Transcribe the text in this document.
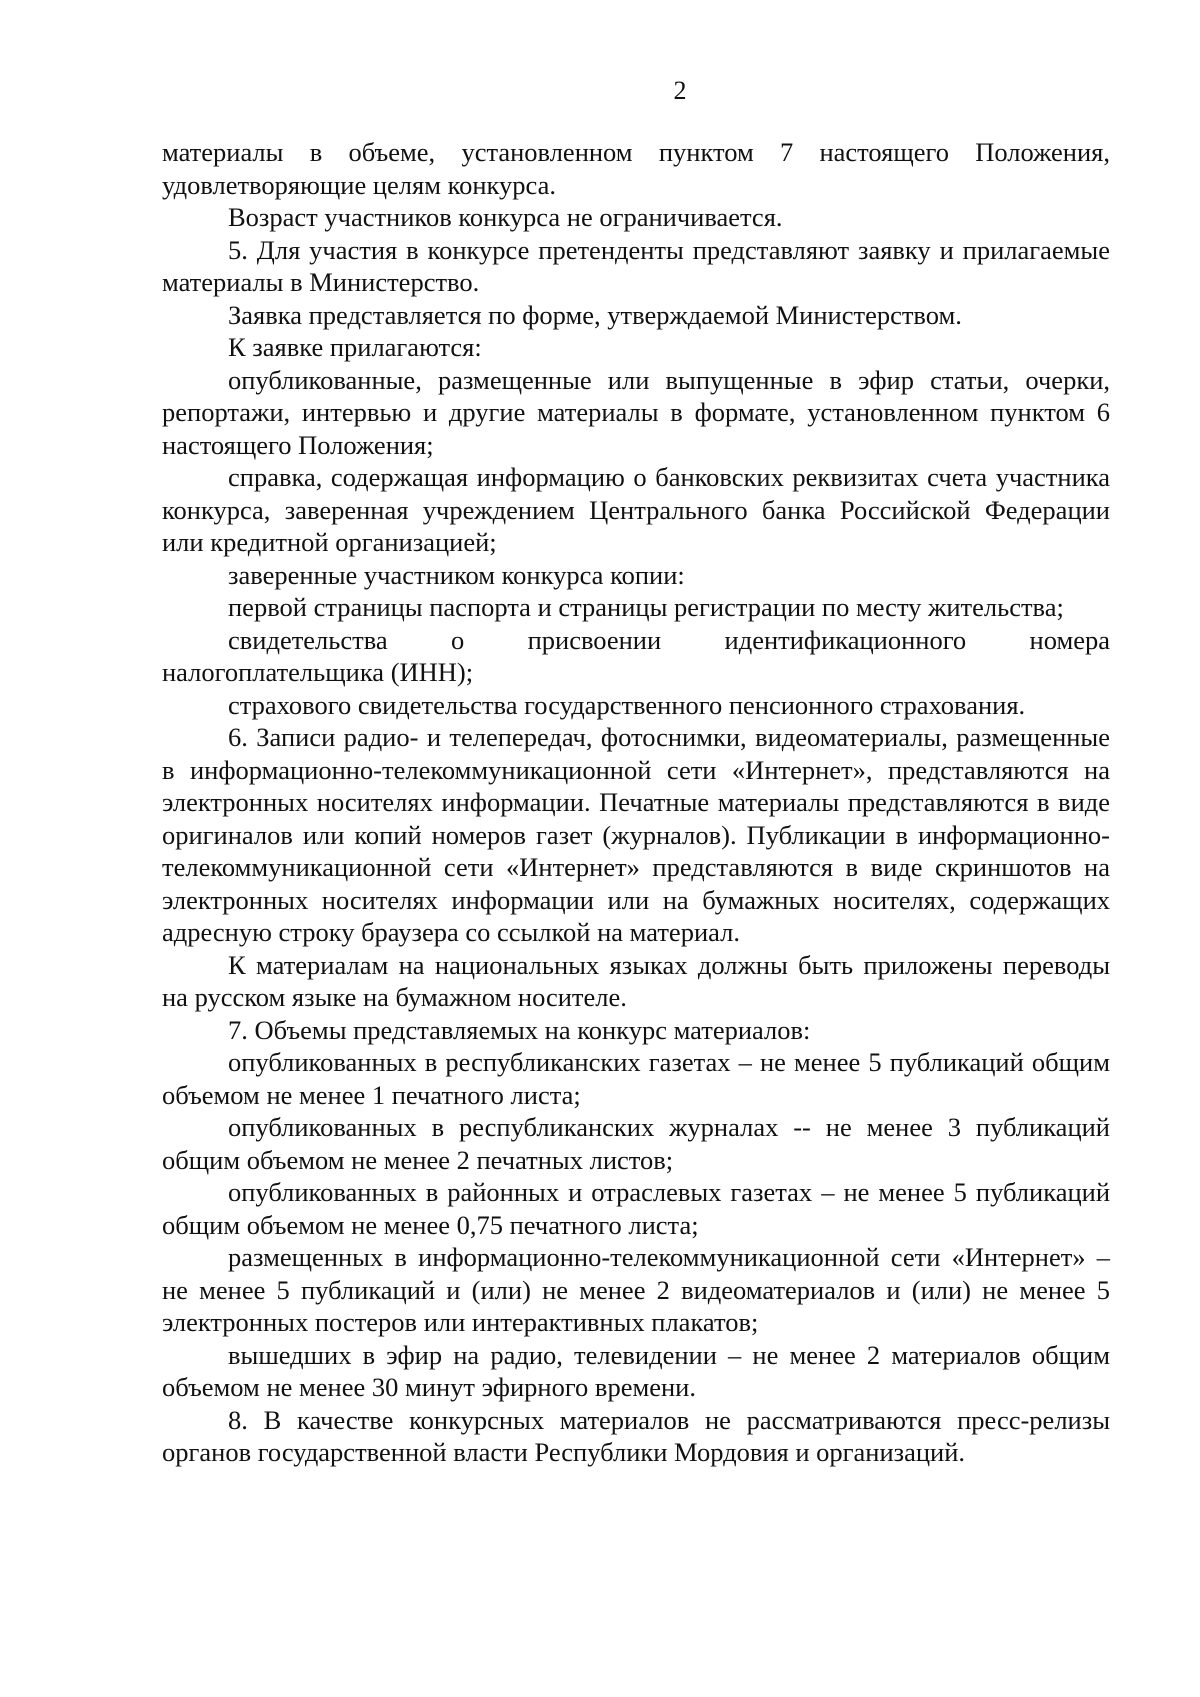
2

материалы в объеме, установленном пунктом 7 настоящего Положения, удовлетворяющие целям конкурса.

Возраст участников конкурса не ограничивается.

5. Для участия в конкурсе претенденты представляют заявку и прилагаемые материалы в Министерство.

Заявка представляется по форме, утверждаемой Министерством.

К заявке прилагаются:

опубликованные, размещенные или выпущенные в эфир статьи, очерки, репортажи, интервью и другие материалы в формате, установленном пунктом 6 настоящего Положения;

справка, содержащая информацию о банковских реквизитах счета участника конкурса, заверенная учреждением Центрального банка Российской Федерации или кредитной организацией;

заверенные участником конкурса копии:

первой страницы паспорта и страницы регистрации по месту жительства;

свидетельства о присвоении идентификационного номера налогоплательщика (ИНН);

страхового свидетельства государственного пенсионного страхования.

6. Записи радио- и телепередач, фотоснимки, видеоматериалы, размещенные в информационно-телекоммуникационной сети «Интернет», представляются на электронных носителях информации. Печатные материалы представляются в виде оригиналов или копий номеров газет (журналов). Публикации в информационно-телекоммуникационной сети «Интернет» представляются в виде скриншотов на электронных носителях информации или на бумажных носителях, содержащих адресную строку браузера со ссылкой на материал.

К материалам на национальных языках должны быть приложены переводы на русском языке на бумажном носителе.

7. Объемы представляемых на конкурс материалов:

опубликованных в республиканских газетах – не менее 5 публикаций общим объемом не менее 1 печатного листа;

опубликованных в республиканских журналах -- не менее 3 публикаций общим объемом не менее 2 печатных листов;

опубликованных в районных и отраслевых газетах – не менее 5 публикаций общим объемом не менее 0,75 печатного листа;

размещенных в информационно-телекоммуникационной сети «Интернет» – не менее 5 публикаций и (или) не менее 2 видеоматериалов и (или) не менее 5 электронных постеров или интерактивных плакатов;

вышедших в эфир на радио, телевидении – не менее 2 материалов общим объемом не менее 30 минут эфирного времени.

8. В качестве конкурсных материалов не рассматриваются пресс-релизы органов государственной власти Республики Мордовия и организаций.
